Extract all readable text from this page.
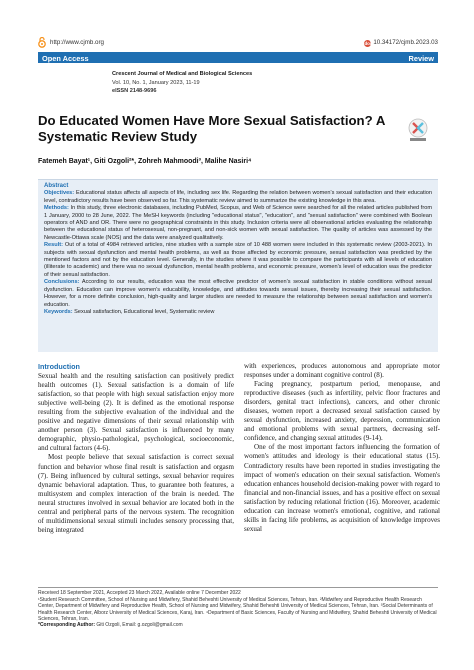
http://www.cjmb.org	doi 10.34172/cjmb.2023.03
Open Access	Review
Crescent Journal of Medical and Biological Sciences
Vol. 10, No. 1, January 2023, 11-19
eISSN 2148-9696
Do Educated Women Have More Sexual Satisfaction? A Systematic Review Study
Fatemeh Bayat¹, Giti Ozgoli²*, Zohreh Mahmoodi³, Malihe Nasiri⁴
Abstract

Objectives: Educational status affects all aspects of life, including sex life. Regarding the relation between women's sexual satisfaction and their education level, contradictory results have been observed so far. This systematic review aimed to summarize the existing knowledge in this area.

Methods: In this study, three electronic databases, including PubMed, Scopus, and Web of Science were searched for all the related articles published from 1 January, 2000 to 28 June, 2022. The MeSH keywords (including "educational status", "education", and "sexual satisfaction" were combined with Boolean operators of AND and OR. There were no geographical constraints in this study. Inclusion criteria were all observational articles evaluating the relationship between the educational status of heterosexual, non-pregnant, and non-sick women with sexual satisfaction. The quality of articles was assessed by the Newcastle-Ottawa scale (NOS) and the data were analyzed qualitatively.

Result: Out of a total of 4984 retrieved articles, nine studies with a sample size of 10 488 women were included in this systematic review (2003-2021). In subjects with sexual dysfunction and mental health problems, as well as those affected by economic pressure, sexual satisfaction was predicted by the mentioned factors and not by the education level. Generally, in the studies where it was possible to compare the participants with all levels of education (illiterate to academic) and there was no sexual dysfunction, mental health problems, and economic pressure, women's level of education was the predictor of their sexual satisfaction.

Conclusions: According to our results, education was the most effective predictor of women's sexual satisfaction in stable conditions without sexual dysfunction. Education can improve women's educability, knowledge, and attitudes towards sexual issues, thereby increasing their sexual satisfaction. However, for a more definite conclusion, high-quality and larger studies are needed to measure the relationship between sexual satisfaction and women's education.

Keywords: Sexual satisfaction, Educational level, Systematic review

Introduction

Sexual health and the resulting satisfaction can positively predict health outcomes (1). Sexual satisfaction is a domain of life satisfaction, so that people with high sexual satisfaction enjoy more subjective well-being (2). It is defined as the emotional response resulting from the subjective evaluation of the individual and the positive and negative dimensions of their sexual relationship with another person (3). Sexual satisfaction is influenced by many demographic, physio-pathological, psychological, socioeconomic, and cultural factors (4-6).

Most people believe that sexual satisfaction is correct sexual function and behavior whose final result is satisfaction and orgasm (7). Being influenced by cultural settings, sexual behavior requires dynamic behavioral adaptation. Thus, to guarantee both features, a multisystem and complex interaction of the brain is needed. The neural structures involved in sexual behavior are located both in the central and peripheral parts of the nervous system. The recognition of multidimensional sexual stimuli includes sensory processing that, being integrated

with experiences, produces autonomous and appropriate motor responses under a dominant cognitive control (8).

Facing pregnancy, postpartum period, menopause, and reproductive diseases (such as infertility, pelvic floor fractures and disorders, genital tract infections), cancers, and other chronic diseases, women report a decreased sexual satisfaction caused by sexual dysfunction, increased anxiety, depression, communication and emotional problems with sexual partners, decreasing self-confidence, and changing sexual attitudes (9-14).

One of the most important factors influencing the formation of women's attitudes and ideology is their educational status (15). Contradictory results have been reported in studies investigating the impact of women's education on their sexual satisfaction. Women's education enhances household decision-making power with regard to financial and non-financial issues, and has a positive effect on sexual satisfaction by reducing relational friction (16). Moreover, academic education can increase women's emotional, cognitive, and rational skills in facing life problems, as acquisition of knowledge improves sexual

Received 18 September 2021, Accepted 23 March 2022, Available online 7 December 2022
¹Student Research Committee, School of Nursing and Midwifery, Shahid Beheshti University of Medical Sciences, Tehran, Iran. ²Midwifery and Reproductive Health Research Center, Department of Midwifery and Reproductive Health, School of Nursing and Midwifery, Shahid Beheshti University of Medical Sciences, Tehran, Iran. ³Social Determinants of Health Research Center, Alborz University of Medical Sciences, Karaj, Iran. ⁴Department of Basic Sciences, Faculty of Nursing and Midwifery, Shahid Beheshti University of Medical Sciences, Tehran, Iran.
*Corresponding Author: Giti Ozgoli, Email: g.ozgoli@gmail.com
